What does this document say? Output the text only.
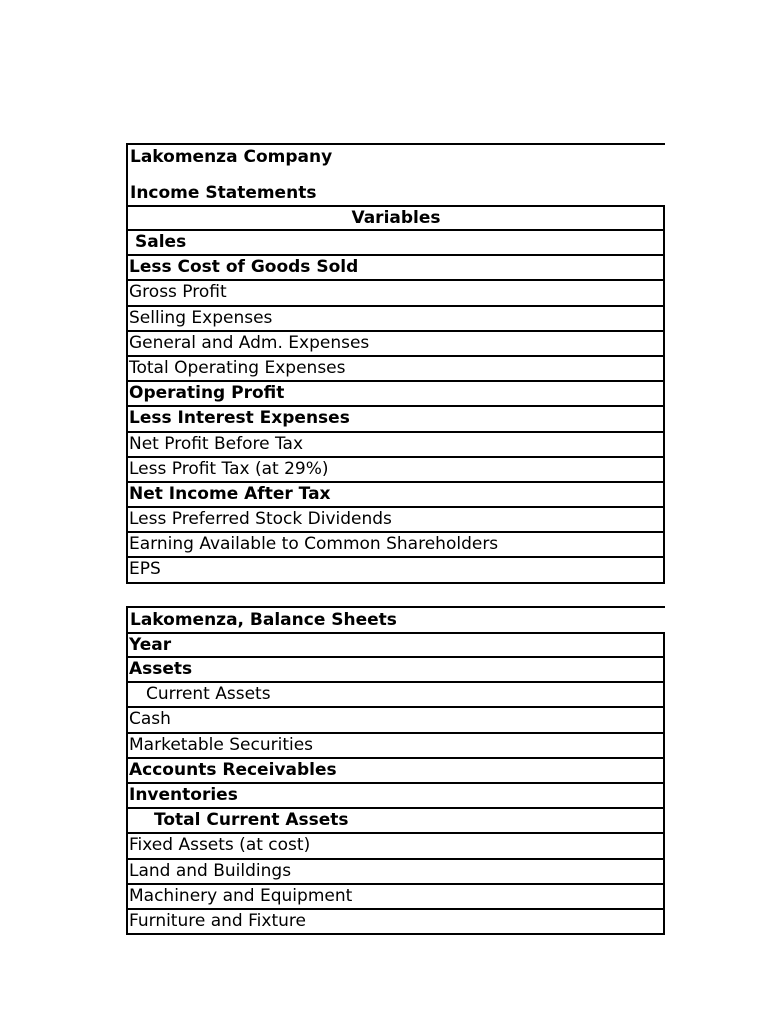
Lakomenza Company
Income Statements
Variables
Sales
Less Cost of Goods Sold
Gross Profit
Selling Expenses
General and Adm. Expenses
Total Operating Expenses
Operating Profit
Less Interest Expenses
Net Profit Before Tax
Less Profit Tax (at 29%)
Net Income After Tax
Less Preferred Stock Dividends
Earning Available to Common Shareholders
EPS
Lakomenza, Balance Sheets
Year
Assets
Current Assets
Cash
Marketable Securities
Accounts Receivables
Inventories
Total Current Assets
Fixed Assets (at cost)
Land and Buildings
Machinery and Equipment
Furniture and Fixture
